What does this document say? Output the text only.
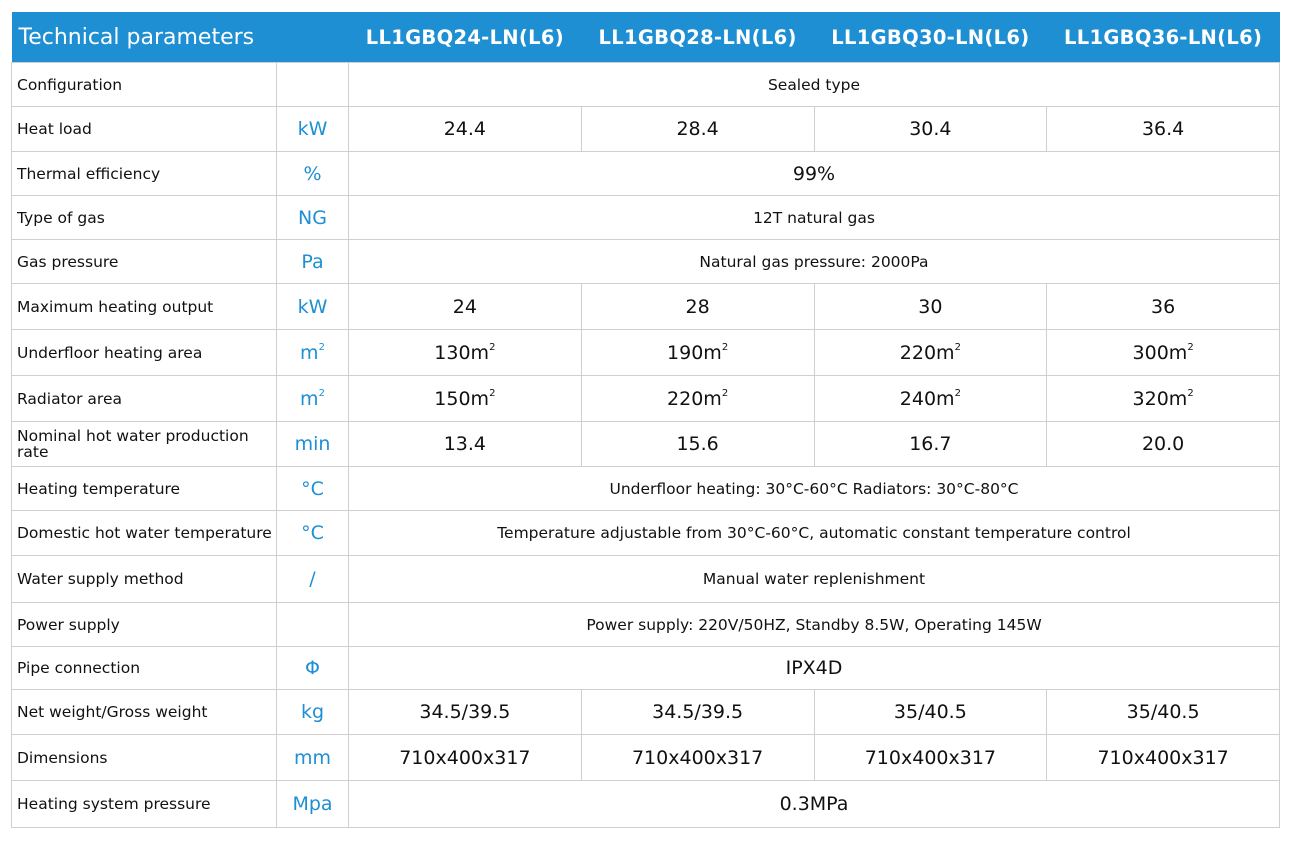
Technical parameters		LL1GBQ24-LN(L6)	LL1GBQ28-LN(L6)	LL1GBQ30-LN(L6)	LL1GBQ36-LN(L6)
Configuration		Sealed type			
Heat load	kW	24.4	28.4	30.4	36.4
Thermal efficiency	%	99%			
Type of gas	NG	12T natural gas			
Gas pressure	Pa	Natural gas pressure: 2000Pa			
Maximum heating output	kW	24	28	30	36
Underfloor heating area	$m^2$	$130m^2$	$190m^2$	$220m^2$	$300m^2$
Radiator area	$m^2$	$150m^2$	$220m^2$	$240m^2$	$320m^2$
Nominal hot water production rate	min	13.4	15.6	16.7	20.0
Heating temperature	°C	Underfloor heating: 30°C-60°C Radiators: 30°C-80°C			
Domestic hot water temperature	°C	Temperature adjustable from 30°C-60°C, automatic constant temperature control			
Water supply method	/	Manual water replenishment			
Power supply		Power supply: 220V/50HZ, Standby 8.5W, Operating 145W			
Pipe connection	Φ	IPX4D			
Net weight/Gross weight	kg	34.5/39.5	34.5/39.5	35/40.5	35/40.5
Dimensions	mm	710x400x317	710x400x317	710x400x317	710x400x317
Heating system pressure	Mpa	0.3MPa			
